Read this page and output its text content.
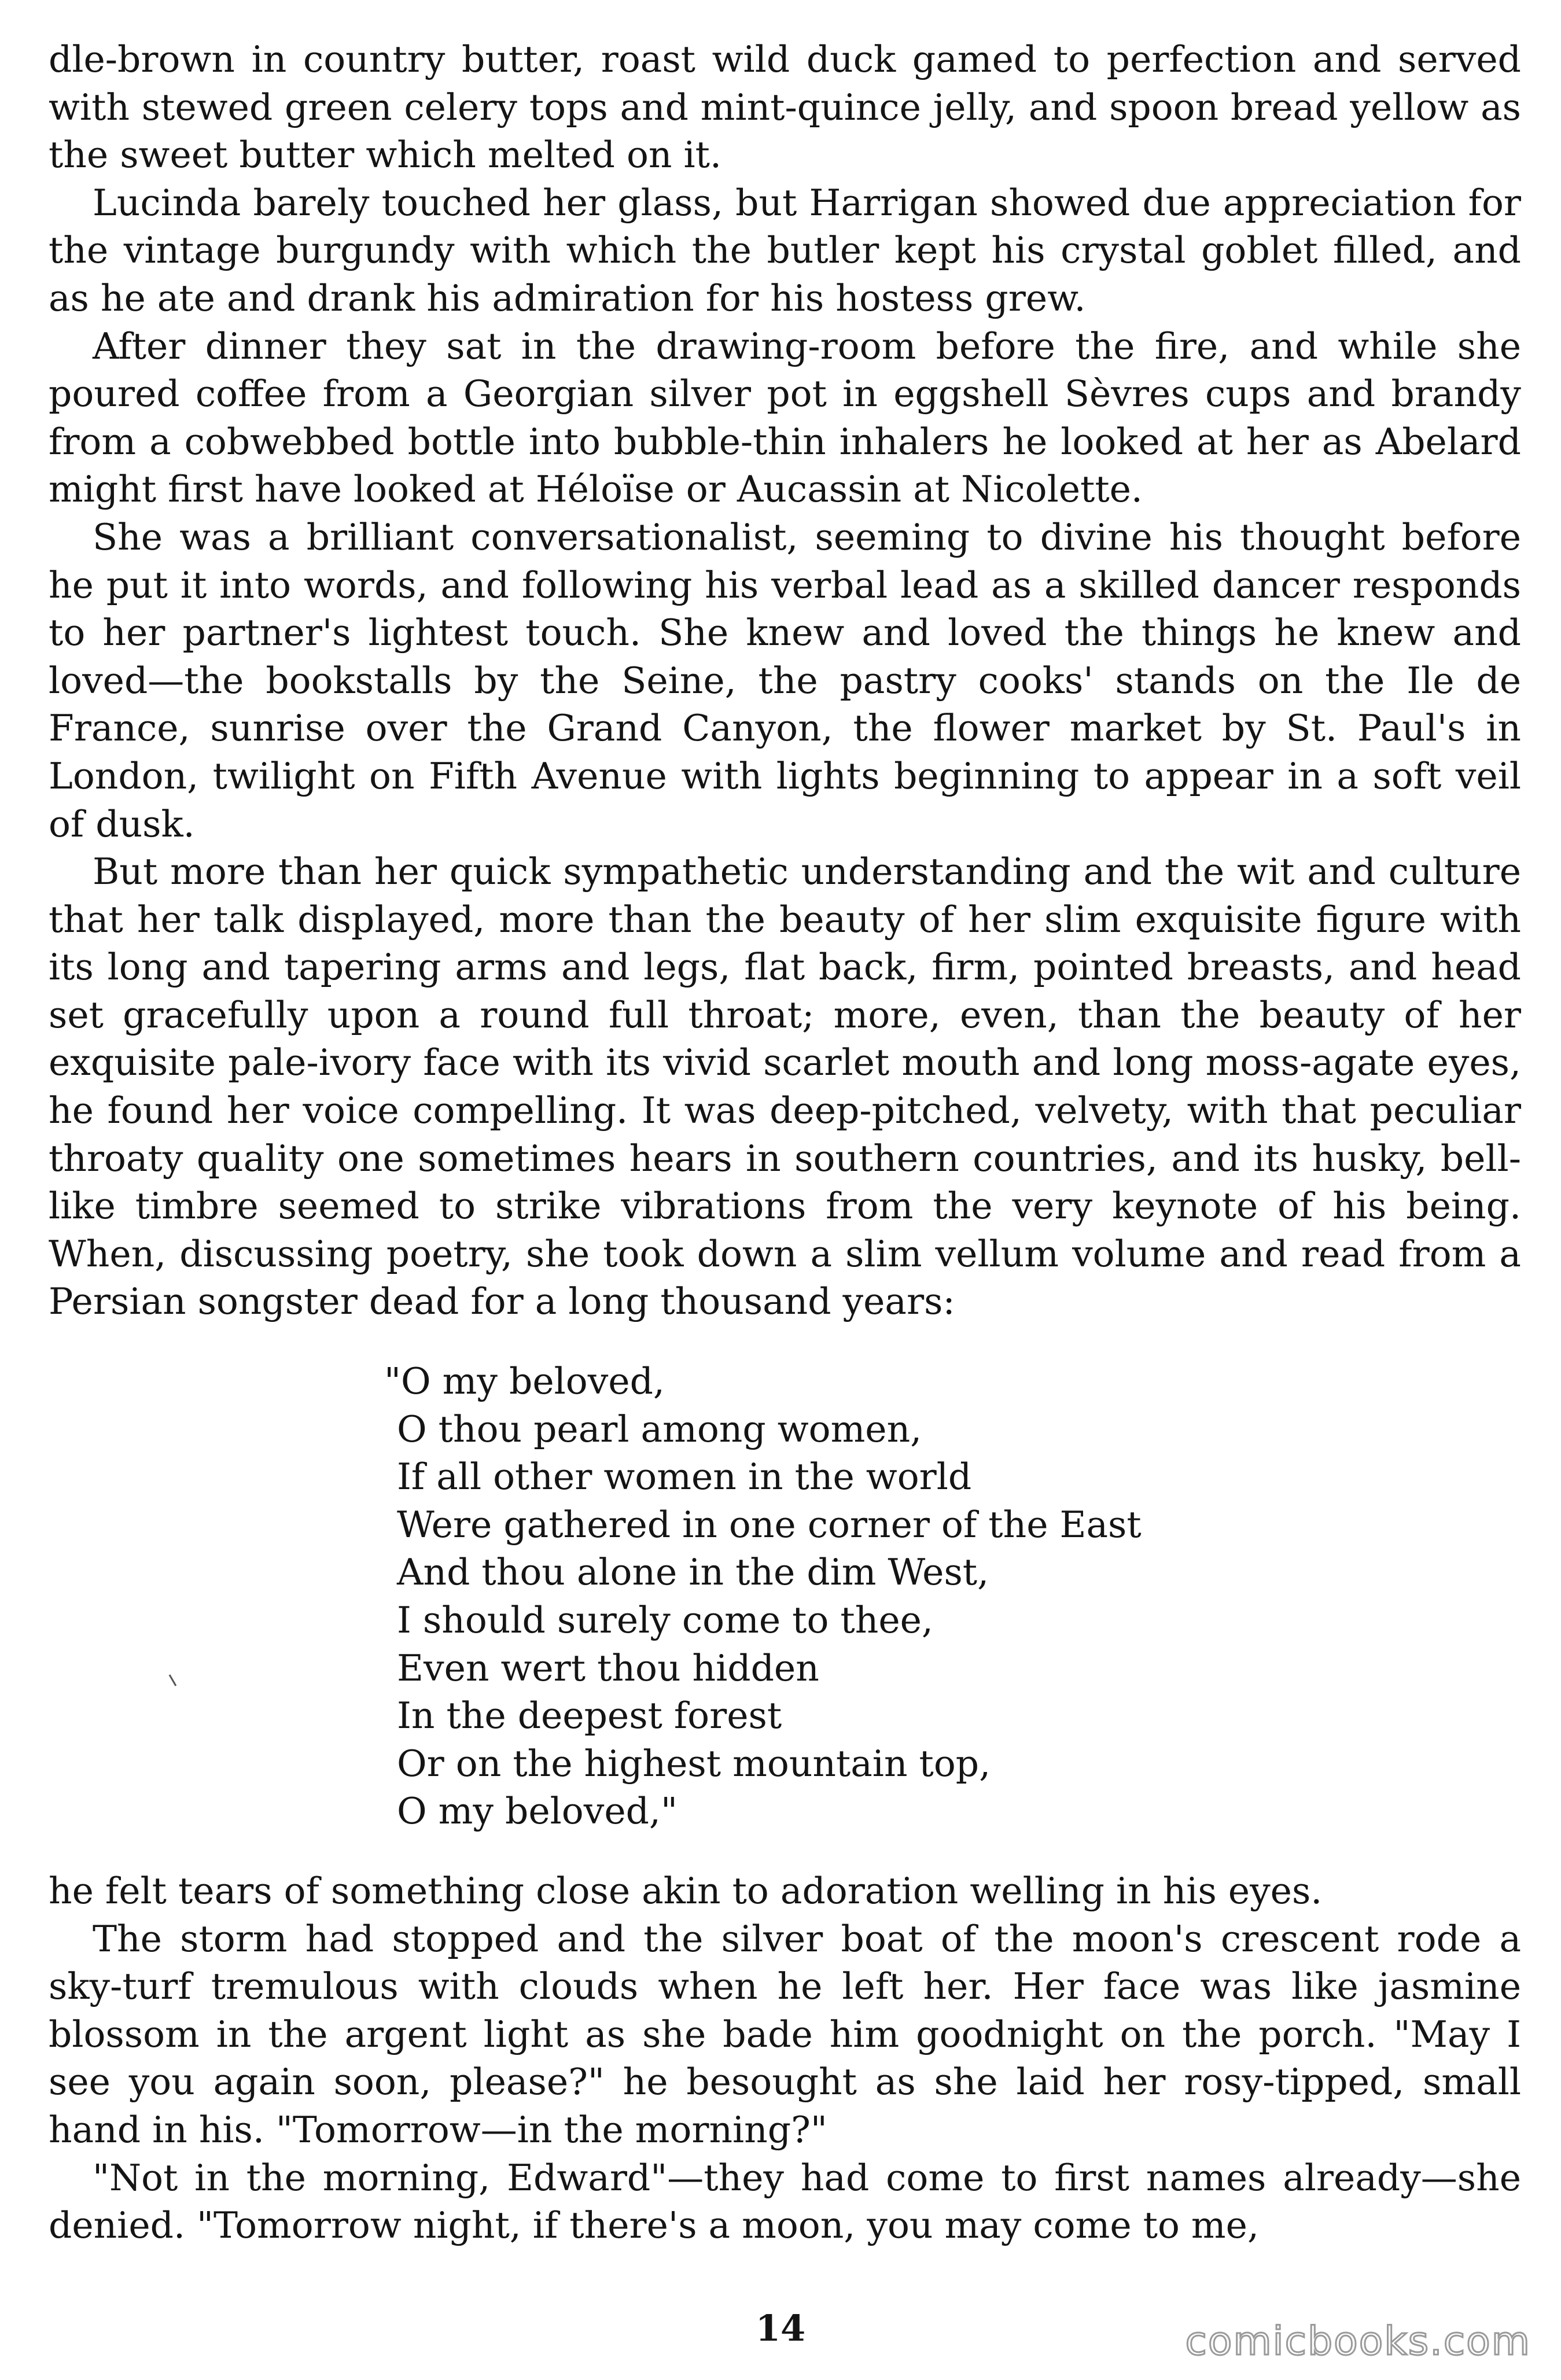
dle-brown in country butter, roast wild duck gamed to perfection and served with stewed green celery tops and mint-quince jelly, and spoon bread yellow as the sweet butter which melted on it.

Lucinda barely touched her glass, but Harrigan showed due appreciation for the vintage burgundy with which the butler kept his crystal goblet filled, and as he ate and drank his admiration for his hostess grew.

After dinner they sat in the drawing-room before the fire, and while she poured coffee from a Georgian silver pot in eggshell Sèvres cups and brandy from a cobwebbed bottle into bubble-thin inhalers he looked at her as Abelard might first have looked at Héloïse or Aucassin at Nicolette.

She was a brilliant conversationalist, seeming to divine his thought before he put it into words, and following his verbal lead as a skilled dancer responds to her partner's lightest touch. She knew and loved the things he knew and loved—the bookstalls by the Seine, the pastry cooks' stands on the Ile de France, sunrise over the Grand Canyon, the flower market by St. Paul's in London, twilight on Fifth Avenue with lights beginning to appear in a soft veil of dusk.

But more than her quick sympathetic understanding and the wit and culture that her talk displayed, more than the beauty of her slim exquisite figure with its long and tapering arms and legs, flat back, firm, pointed breasts, and head set gracefully upon a round full throat; more, even, than the beauty of her exquisite pale-ivory face with its vivid scarlet mouth and long moss-agate eyes, he found her voice compelling. It was deep-pitched, velvety, with that peculiar throaty quality one sometimes hears in southern countries, and its husky, bell-like timbre seemed to strike vibrations from the very keynote of his being. When, discussing poetry, she took down a slim vellum volume and read from a Persian songster dead for a long thousand years:

"O my beloved,
O thou pearl among women,
If all other women in the world
Were gathered in one corner of the East
And thou alone in the dim West,
I should surely come to thee,
Even wert thou hidden
In the deepest forest
Or on the highest mountain top,
O my beloved,"

he felt tears of something close akin to adoration welling in his eyes.

The storm had stopped and the silver boat of the moon's crescent rode a sky-turf tremulous with clouds when he left her. Her face was like jasmine blossom in the argent light as she bade him goodnight on the porch. "May I see you again soon, please?" he besought as she laid her rosy-tipped, small hand in his. "Tomorrow—in the morning?"

"Not in the morning, Edward"—they had come to first names already—she denied. "Tomorrow night, if there's a moon, you may come to me,

14	comicbooks.com
